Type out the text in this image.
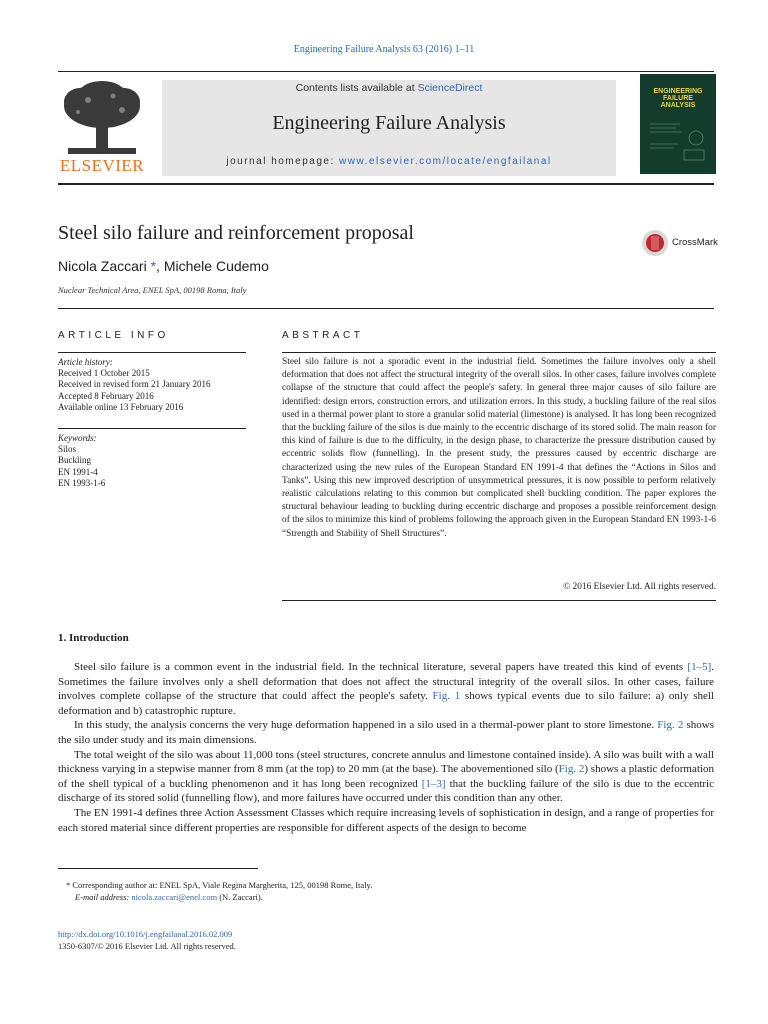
Engineering Failure Analysis 63 (2016) 1–11
ELSEVIER
Contents lists available at ScienceDirect
Engineering Failure Analysis
journal homepage: www.elsevier.com/locate/engfailanal
ENGINEERING
FAILURE
ANALYSIS
Steel silo failure and reinforcement proposal
Nicola Zaccari *, Michele Cudemo
Nuclear Technical Area, ENEL SpA, 00198 Roma, Italy
CrossMark
ARTICLE INFO
Article history:
Received 1 October 2015
Received in revised form 21 January 2016
Accepted 8 February 2016
Available online 13 February 2016
Keywords:
Silos
Buckling
EN 1991-4
EN 1993-1-6
ABSTRACT
Steel silo failure is not a sporadic event in the industrial field. Sometimes the failure involves only a shell deformation that does not affect the structural integrity of the overall silos. In other cases, failure involves complete collapse of the structure that could affect the people's safety. In general three major causes of silo failure are identified: design errors, construction errors, and utilization errors. In this study, a buckling failure of the real silos used in a thermal power plant to store a granular solid material (limestone) is analysed. It has long been recognized that the buckling failure of the silos is due mainly to the eccentric discharge of its stored solid. The main reason for this kind of failure is due to the difficulty, in the design phase, to characterize the pressure distribution caused by eccentric solids flow (funnelling). In the present study, the pressures caused by eccentric discharge are characterized using the new rules of the European Standard EN 1991-4 that defines the “Actions in Silos and Tanks”. Using this new improved description of unsymmetrical pressures, it is now possible to perform relatively realistic calculations relating to this common but complicated shell buckling condition. The paper explores the structural behaviour leading to buckling during eccentric discharge and proposes a possible reinforcement design of the silos to minimize this kind of problems following the approach given in the European Standard EN 1993-1-6 “Strength and Stability of Shell Structures”.
© 2016 Elsevier Ltd. All rights reserved.
1. Introduction

Steel silo failure is a common event in the industrial field. In the technical literature, several papers have treated this kind of events [1–5]. Sometimes the failure involves only a shell deformation that does not affect the structural integrity of the overall silos. In other cases, failure involves complete collapse of the structure that could affect the people's safety. Fig. 1 shows typical events due to silo failure: a) only shell deformation and b) catastrophic rupture.

In this study, the analysis concerns the very huge deformation happened in a silo used in a thermal-power plant to store limestone. Fig. 2 shows the silo under study and its main dimensions.

The total weight of the silo was about 11,000 tons (steel structures, concrete annulus and limestone contained inside). A silo was built with a wall thickness varying in a stepwise manner from 8 mm (at the top) to 20 mm (at the base). The abovementioned silo (Fig. 2) shows a plastic deformation of the shell typical of a buckling phenomenon and it has long been recognized [1–3] that the buckling failure of the silo is due to the eccentric discharge of its stored solid (funnelling flow), and more failures have occurred under this condition than any other.

The EN 1991-4 defines three Action Assessment Classes which require increasing levels of sophistication in design, and a range of properties for each stored material since different properties are responsible for different aspects of the design to become

* Corresponding author at: ENEL SpA, Viale Regina Margherita, 125, 00198 Rome, Italy.
E-mail address: nicola.zaccari@enel.com (N. Zaccari).
http://dx.doi.org/10.1016/j.engfailanal.2016.02.009
1350-6307/© 2016 Elsevier Ltd. All rights reserved.
